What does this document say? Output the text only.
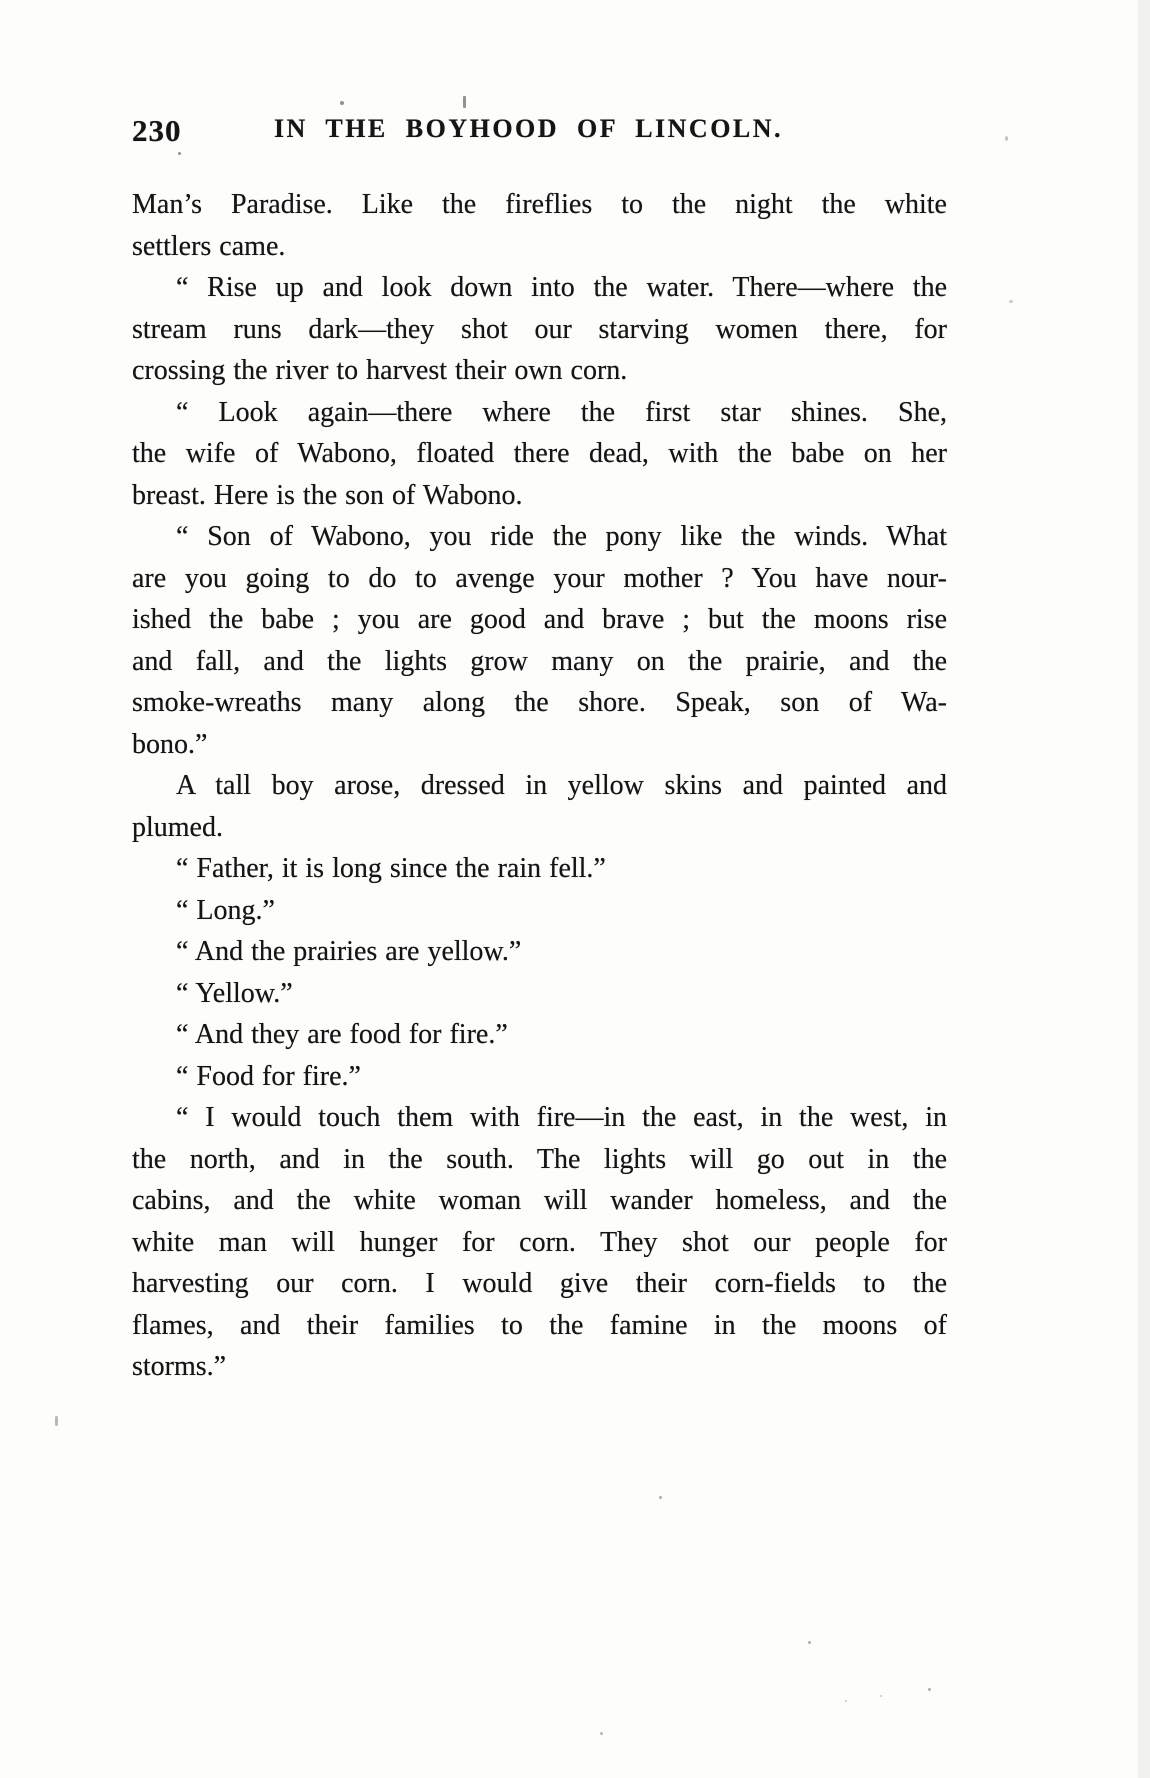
230	IN THE BOYHOOD OF LINCOLN.
Man’s Paradise. Like the fireflies to the night the white
settlers came.
“ Rise up and look down into the water. There—where the
stream runs dark—they shot our starving women there, for
crossing the river to harvest their own corn.
“ Look again—there where the first star shines. She,
the wife of Wabono, floated there dead, with the babe on her
breast. Here is the son of Wabono.
“ Son of Wabono, you ride the pony like the winds. What
are you going to do to avenge your mother ? You have nour-
ished the babe ; you are good and brave ; but the moons rise
and fall, and the lights grow many on the prairie, and the
smoke-wreaths many along the shore. Speak, son of Wa-
bono.”
A tall boy arose, dressed in yellow skins and painted and
plumed.
“ Father, it is long since the rain fell.”
“ Long.”
“ And the prairies are yellow.”
“ Yellow.”
“ And they are food for fire.”
“ Food for fire.”
“ I would touch them with fire—in the east, in the west, in
the north, and in the south. The lights will go out in the
cabins, and the white woman will wander homeless, and the
white man will hunger for corn. They shot our people for
harvesting our corn. I would give their corn-fields to the
flames, and their families to the famine in the moons of
storms.”
